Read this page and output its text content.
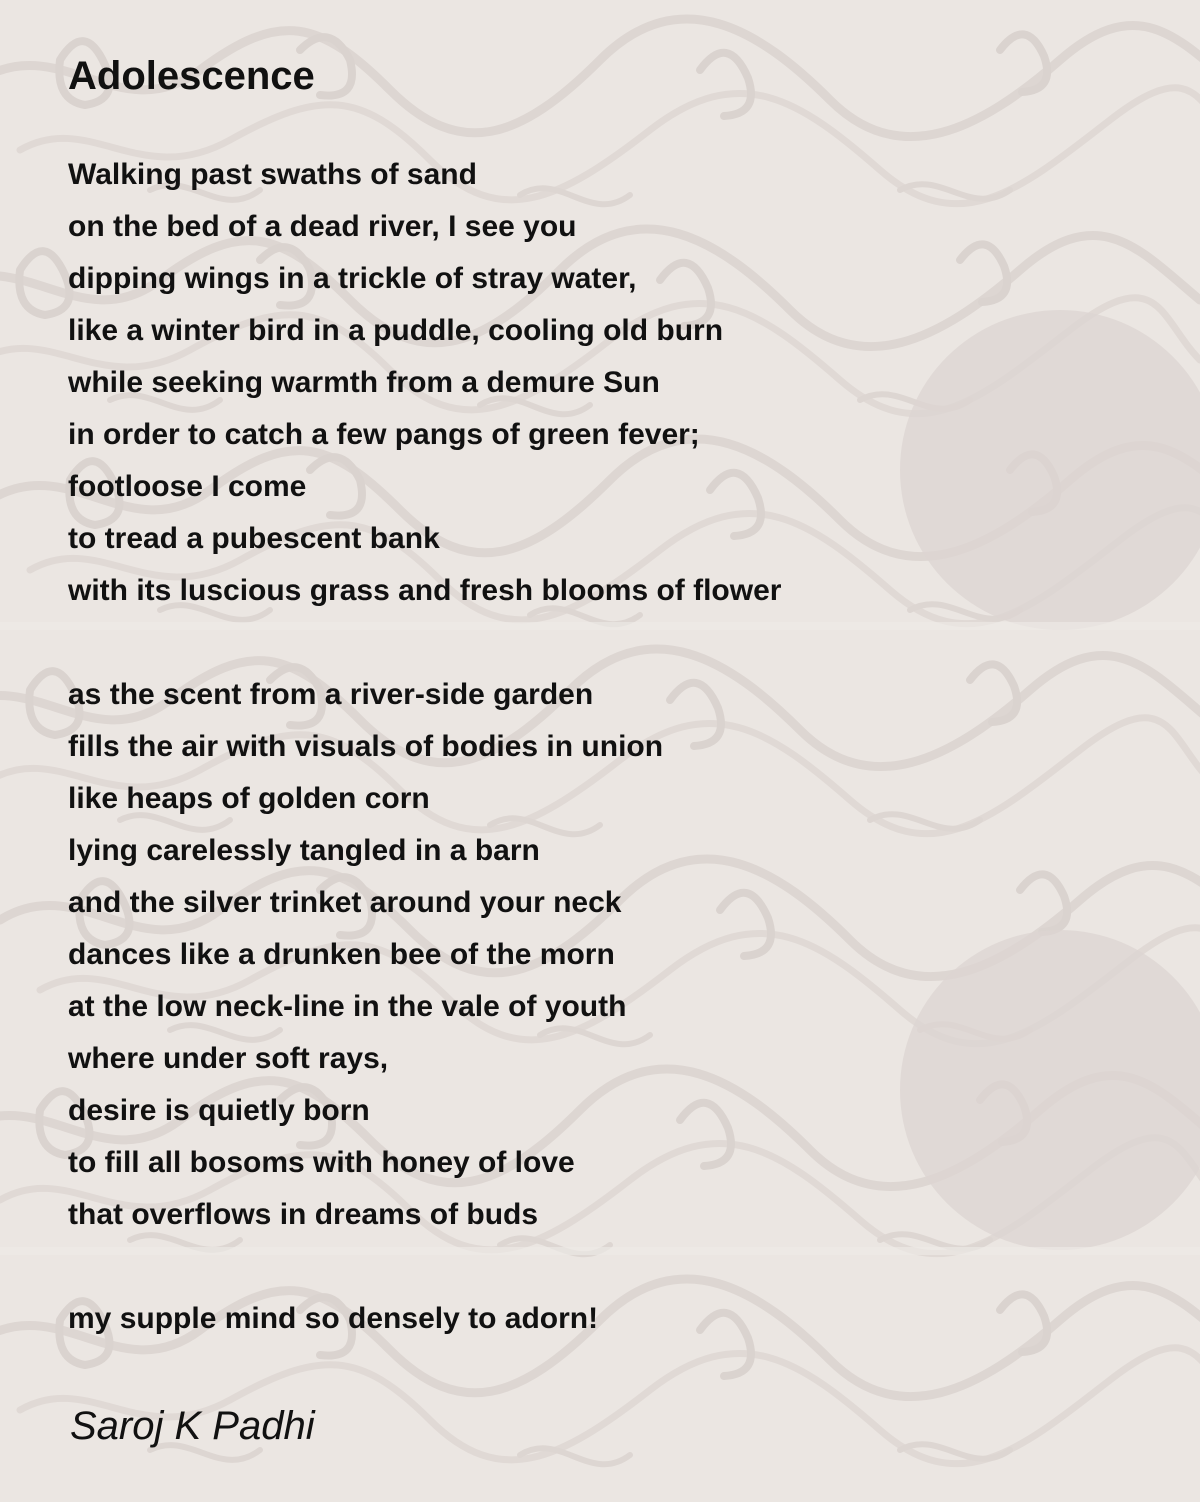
Adolescence
Walking past swaths of sand
on the bed of a dead river, I see you
dipping wings in a trickle of stray water,
like a winter bird in a puddle, cooling old burn
while seeking warmth from a demure Sun
in order to catch a few pangs of green fever;
footloose I come
to tread a pubescent bank
with its luscious grass and fresh blooms of flower
as the scent from a river-side garden
fills the air with visuals of bodies in union
like heaps of golden corn
lying carelessly tangled in a barn
and the silver trinket around your neck
dances like a drunken bee of the morn
at the low neck-line in the vale of youth
where under soft rays,
desire is quietly born
to fill all bosoms with honey of love
that overflows in dreams of buds
my supple mind so densely to adorn!

Saroj K Padhi
